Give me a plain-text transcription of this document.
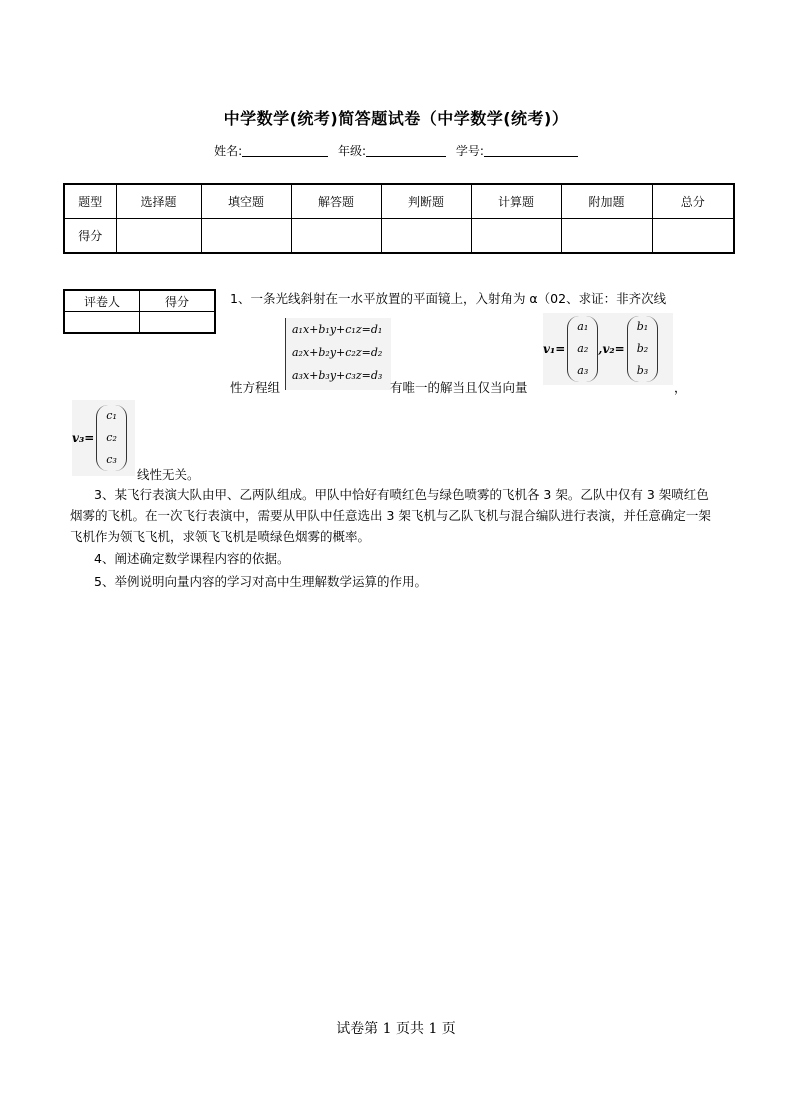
中学数学(统考)简答题试卷（中学数学(统考)）
姓名:	年级:	学号:
题型	选择题	填空题	解答题	判断题	计算题	附加题	总分
得分							
评卷人	得分
		1、一条光线斜射在一水平放置的平面镜上，入射角为 α（02、求证：非齐次线
a₁x+b₁y+c₁z=d₁
a₂x+b₂y+c₂z=d₂
a₃x+b₃y+c₃z=d₃
性方程组	有唯一的解当且仅当向量
v₁=
a₁
a₂
a₃
,v₂=
b₁
b₂
b₃
，
v₃=
c₁
c₂
c₃
线性无关。
3、某飞行表演大队由甲、乙两队组成。甲队中恰好有喷红色与绿色喷雾的飞机各 3 架。乙队中仅有 3 架喷红色烟雾的飞机。在一次飞行表演中，需要从甲队中任意选出 3 架飞机与乙队飞机与混合编队进行表演，并任意确定一架飞机作为领飞飞机，求领飞飞机是喷绿色烟雾的概率。
4、阐述确定数学课程内容的依据。
5、举例说明向量内容的学习对高中生理解数学运算的作用。
试卷第 1 页共 1 页
